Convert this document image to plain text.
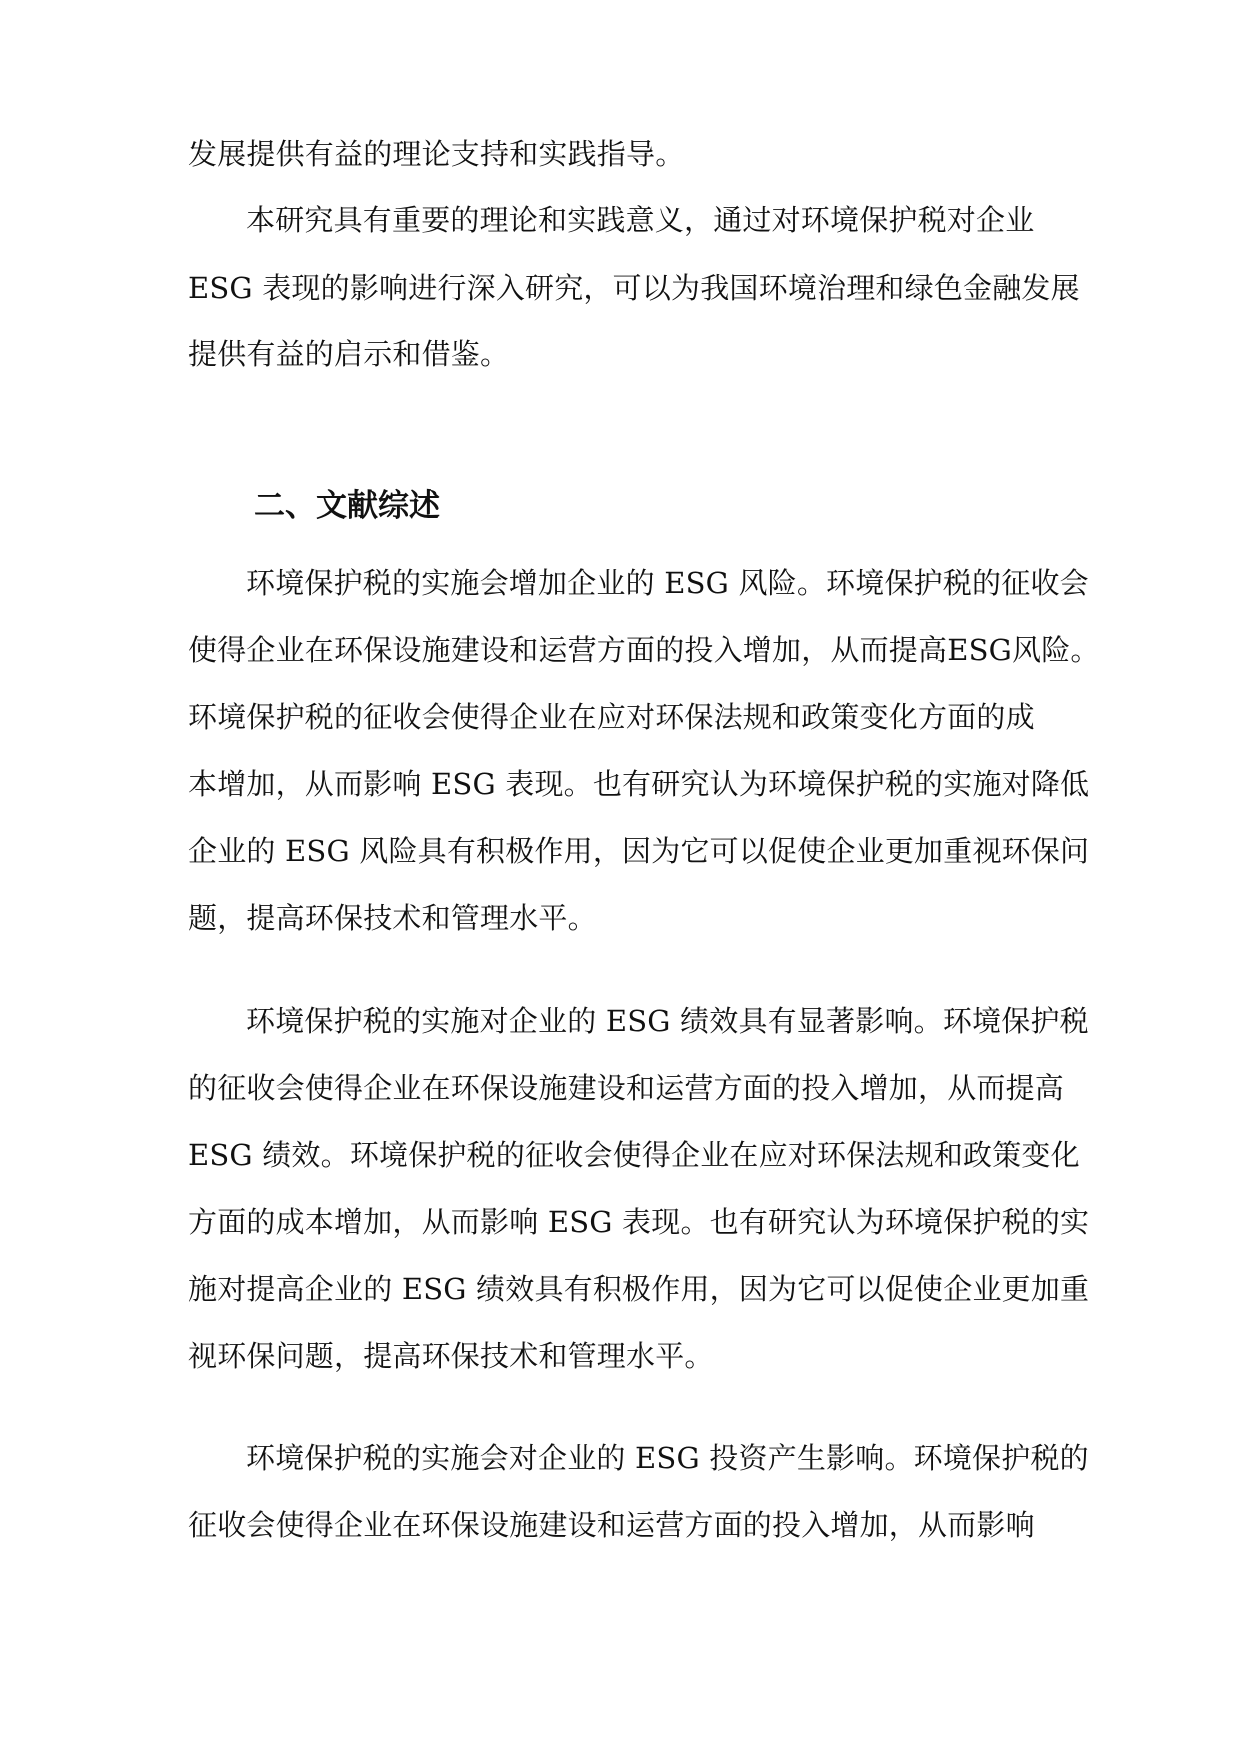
发展提供有益的理论支持和实践指导。
本研究具有重要的理论和实践意义，通过对环境保护税对企业
ESG 表现的影响进行深入研究，可以为我国环境治理和绿色金融发展
提供有益的启示和借鉴。
二、文献综述
环境保护税的实施会增加企业的 ESG 风险。环境保护税的征收会
使得企业在环保设施建设和运营方面的投入增加，从而提高ESG风险。
环境保护税的征收会使得企业在应对环保法规和政策变化方面的成
本增加，从而影响 ESG 表现。也有研究认为环境保护税的实施对降低
企业的 ESG 风险具有积极作用，因为它可以促使企业更加重视环保问
题，提高环保技术和管理水平。
环境保护税的实施对企业的 ESG 绩效具有显著影响。环境保护税
的征收会使得企业在环保设施建设和运营方面的投入增加，从而提高
ESG 绩效。环境保护税的征收会使得企业在应对环保法规和政策变化
方面的成本增加，从而影响 ESG 表现。也有研究认为环境保护税的实
施对提高企业的 ESG 绩效具有积极作用，因为它可以促使企业更加重
视环保问题，提高环保技术和管理水平。
环境保护税的实施会对企业的 ESG 投资产生影响。环境保护税的
征收会使得企业在环保设施建设和运营方面的投入增加，从而影响
